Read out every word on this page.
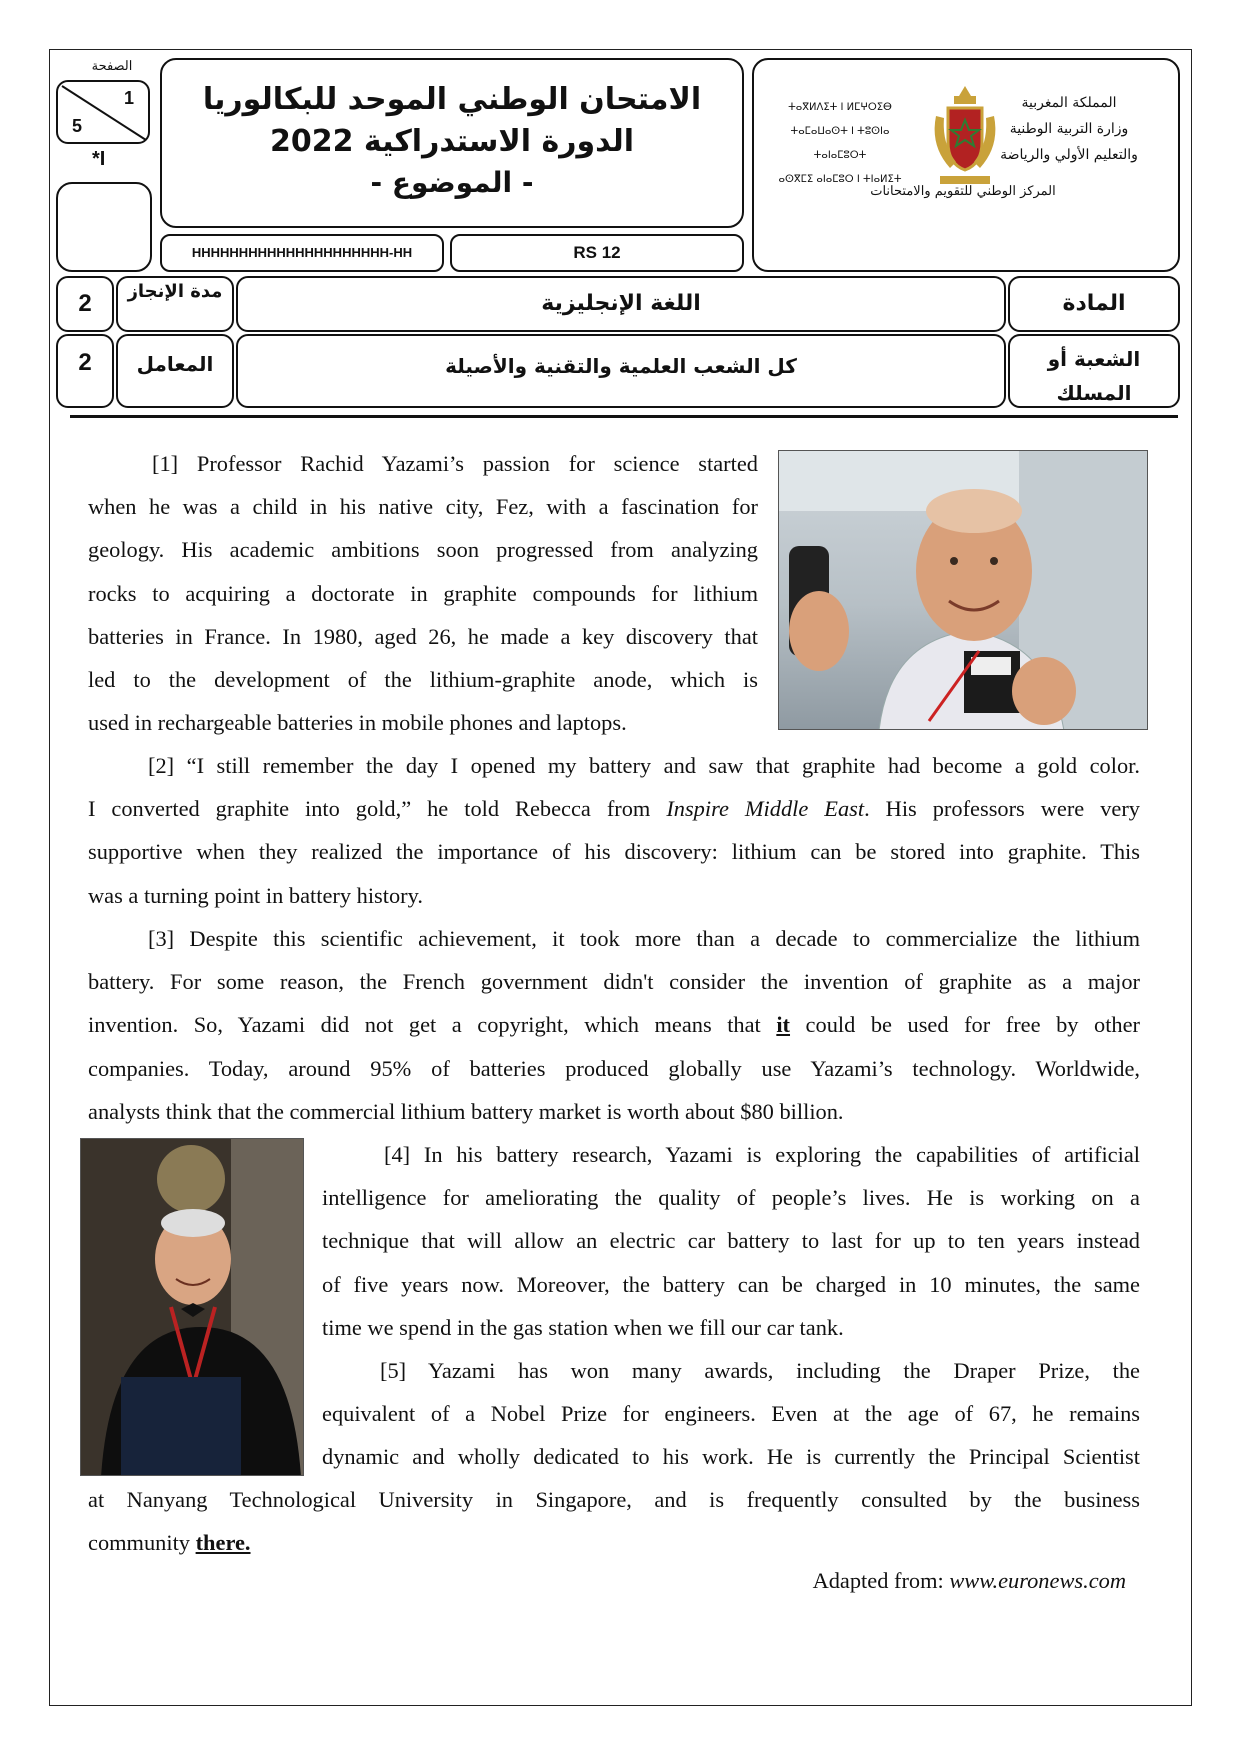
الصفحة
1
5
*I
الامتحان الوطني الموحد للبكالوريا
الدورة الاستدراكية 2022
- الموضوع -
HHHHHHHHHHHHHHHHHHHHH-HH	RS 12
ⵜⴰⴳⵍⴷⵉⵜ ⵏ ⵍⵎⵖⵔⵉⴱ
ⵜⴰⵎⴰⵡⴰⵙⵜ ⵏ ⵜⵓⵙⵏⴰ ⵜⴰⵏⴰⵎⵓⵔⵜ
ⴰⵙⴳⵎⵉ ⴰⵏⴰⵎⵓⵔ ⵏ ⵜⵏⴰⵍⵉⵜ
المملكة المغربية
وزارة التربية الوطنية
والتعليم الأولي والرياضة
المركز الوطني للتقويم والامتحانات
2	مدة الإنجاز	اللغة الإنجليزية	المادة
2	المعامل	كل الشعب العلمية والتقنية والأصيلة	الشعبة أو المسلك

[1] Professor Rachid Yazami’s passion for science started
when he was a child in his native city, Fez, with a fascination for
geology. His academic ambitions soon progressed from analyzing
rocks to acquiring a doctorate in graphite compounds for lithium
batteries in France. In 1980, aged 26, he made a key discovery that
led to the development of the lithium-graphite anode, which is
used in rechargeable batteries in mobile phones and laptops.

[2] “I still remember the day I opened my battery and saw that graphite had become a gold color.
I converted graphite into gold,” he told Rebecca from Inspire Middle East. His professors were very
supportive when they realized the importance of his discovery: lithium can be stored into graphite. This
was a turning point in battery history.

[3] Despite this scientific achievement, it took more than a decade to commercialize the lithium
battery. For some reason, the French government didn't consider the invention of graphite as a major
invention. So, Yazami did not get a copyright, which means that it could be used for free by other
companies. Today, around 95% of batteries produced globally use Yazami’s technology. Worldwide,
analysts think that the commercial lithium battery market is worth about $80 billion.

[4] In his battery research, Yazami is exploring the capabilities of artificial
intelligence for ameliorating the quality of people’s lives. He is working on a
technique that will allow an electric car battery to last for up to ten years instead
of five years now. Moreover, the battery can be charged in 10 minutes, the same
time we spend in the gas station when we fill our car tank.

[5] Yazami has won many awards, including the Draper Prize, the
equivalent of a Nobel Prize for engineers. Even at the age of 67, he remains
dynamic and wholly dedicated to his work. He is currently the Principal Scientist

at Nanyang Technological University in Singapore, and is frequently consulted by the business
community there.

Adapted from: www.euronews.com
